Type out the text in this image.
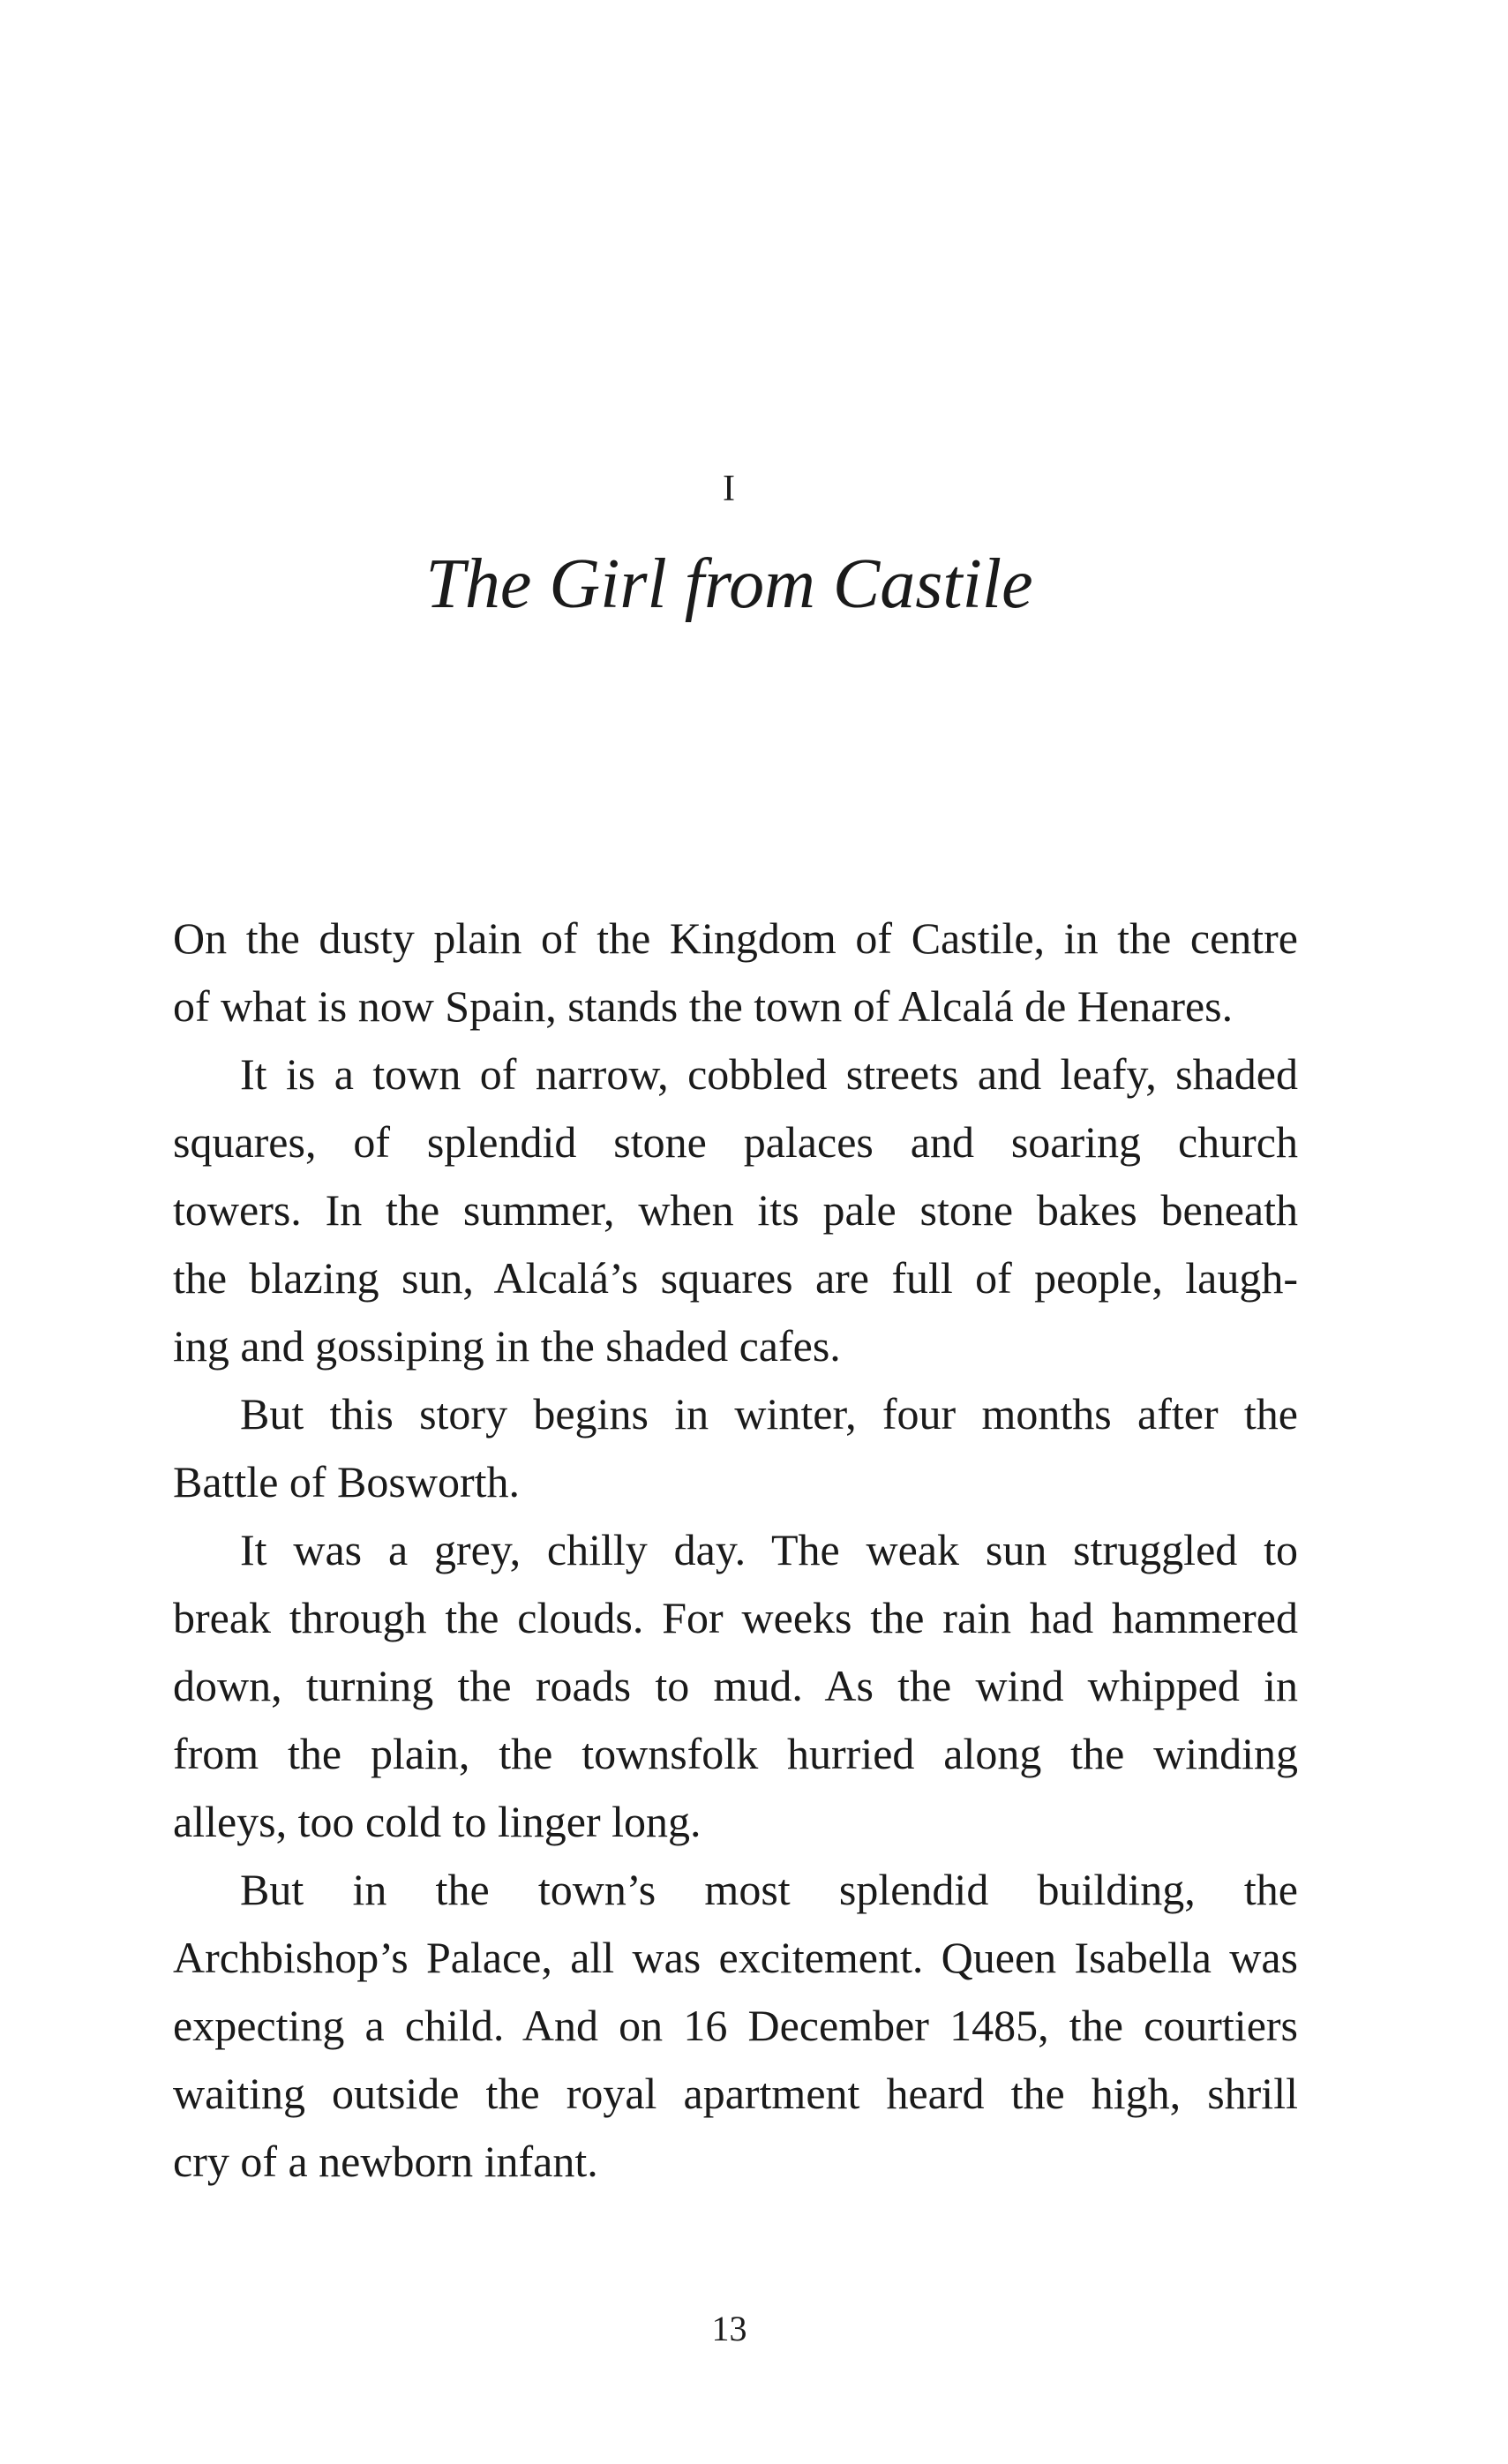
I
The Girl from Castile
On the dusty plain of the Kingdom of Castile, in the centre
of what is now Spain, stands the town of Alcalá de Henares.
It is a town of narrow, cobbled streets and leafy, shaded
squares, of splendid stone palaces and soaring church
towers. In the summer, when its pale stone bakes beneath
the blazing sun, Alcalá’s squares are full of people, laugh-
ing and gossiping in the shaded cafes.
But this story begins in winter, four months after the
Battle of Bosworth.
It was a grey, chilly day. The weak sun struggled to
break through the clouds. For weeks the rain had hammered
down, turning the roads to mud. As the wind whipped in
from the plain, the townsfolk hurried along the winding
alleys, too cold to linger long.
But in the town’s most splendid building, the
Archbishop’s Palace, all was excitement. Queen Isabella was
expecting a child. And on 16 December 1485, the courtiers
waiting outside the royal apartment heard the high, shrill
cry of a newborn infant.
13
